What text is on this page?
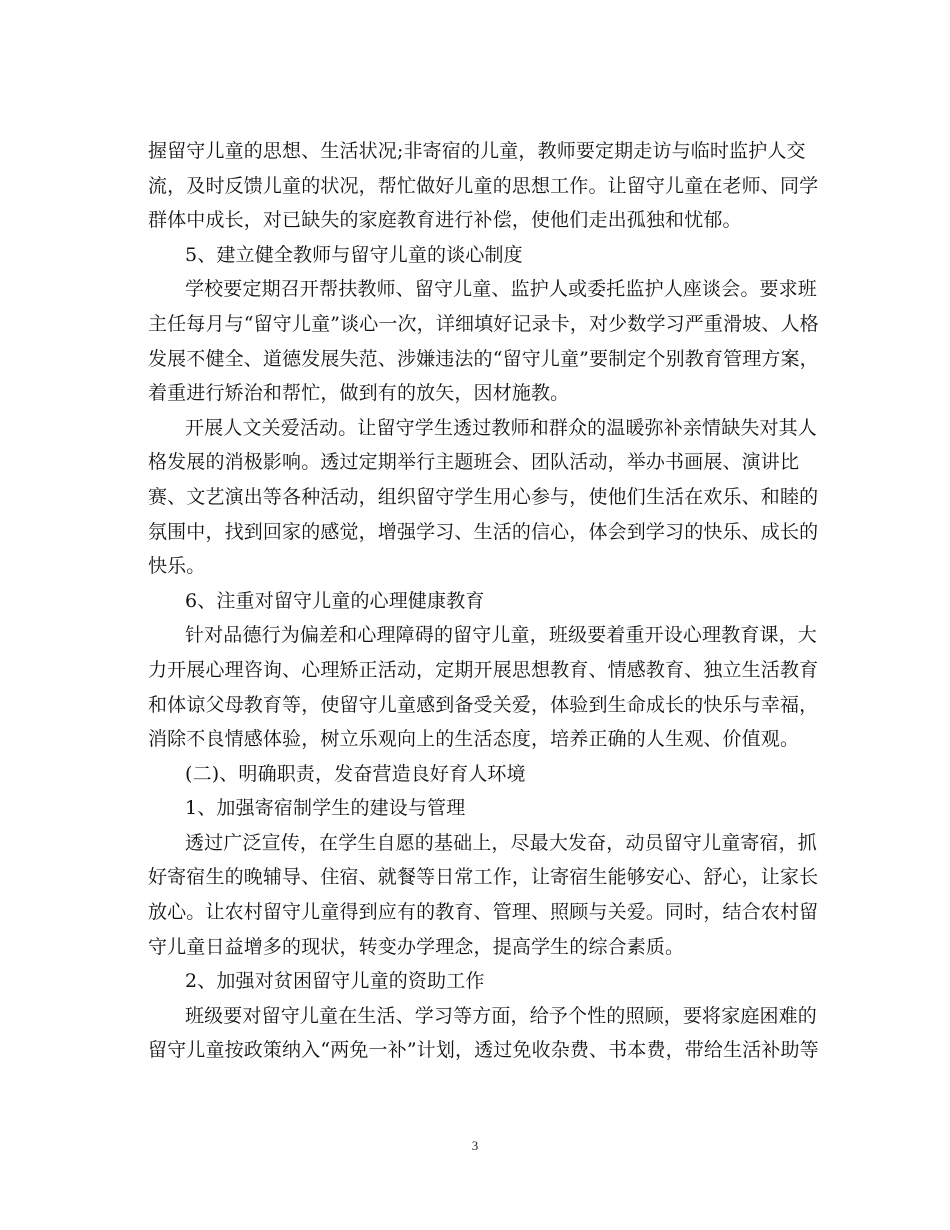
握留守儿童的思想、生活状况;非寄宿的儿童，教师要定期走访与临时监护人交
流，及时反馈儿童的状况，帮忙做好儿童的思想工作。让留守儿童在老师、同学
群体中成长，对已缺失的家庭教育进行补偿，使他们走出孤独和忧郁。
5、建立健全教师与留守儿童的谈心制度
学校要定期召开帮扶教师、留守儿童、监护人或委托监护人座谈会。要求班
主任每月与“留守儿童”谈心一次，详细填好记录卡，对少数学习严重滑坡、人格
发展不健全、道德发展失范、涉嫌违法的“留守儿童”要制定个别教育管理方案，
着重进行矫治和帮忙，做到有的放矢，因材施教。
开展人文关爱活动。让留守学生透过教师和群众的温暖弥补亲情缺失对其人
格发展的消极影响。透过定期举行主题班会、团队活动，举办书画展、演讲比
赛、文艺演出等各种活动，组织留守学生用心参与，使他们生活在欢乐、和睦的
氛围中，找到回家的感觉，增强学习、生活的信心，体会到学习的快乐、成长的
快乐。
6、注重对留守儿童的心理健康教育
针对品德行为偏差和心理障碍的留守儿童，班级要着重开设心理教育课，大
力开展心理咨询、心理矫正活动，定期开展思想教育、情感教育、独立生活教育
和体谅父母教育等，使留守儿童感到备受关爱，体验到生命成长的快乐与幸福，
消除不良情感体验，树立乐观向上的生活态度，培养正确的人生观、价值观。
(二)、明确职责，发奋营造良好育人环境
1、加强寄宿制学生的建设与管理
透过广泛宣传，在学生自愿的基础上，尽最大发奋，动员留守儿童寄宿，抓
好寄宿生的晚辅导、住宿、就餐等日常工作，让寄宿生能够安心、舒心，让家长
放心。让农村留守儿童得到应有的教育、管理、照顾与关爱。同时，结合农村留
守儿童日益增多的现状，转变办学理念，提高学生的综合素质。
2、加强对贫困留守儿童的资助工作
班级要对留守儿童在生活、学习等方面，给予个性的照顾，要将家庭困难的
留守儿童按政策纳入“两免一补”计划，透过免收杂费、书本费，带给生活补助等
3
